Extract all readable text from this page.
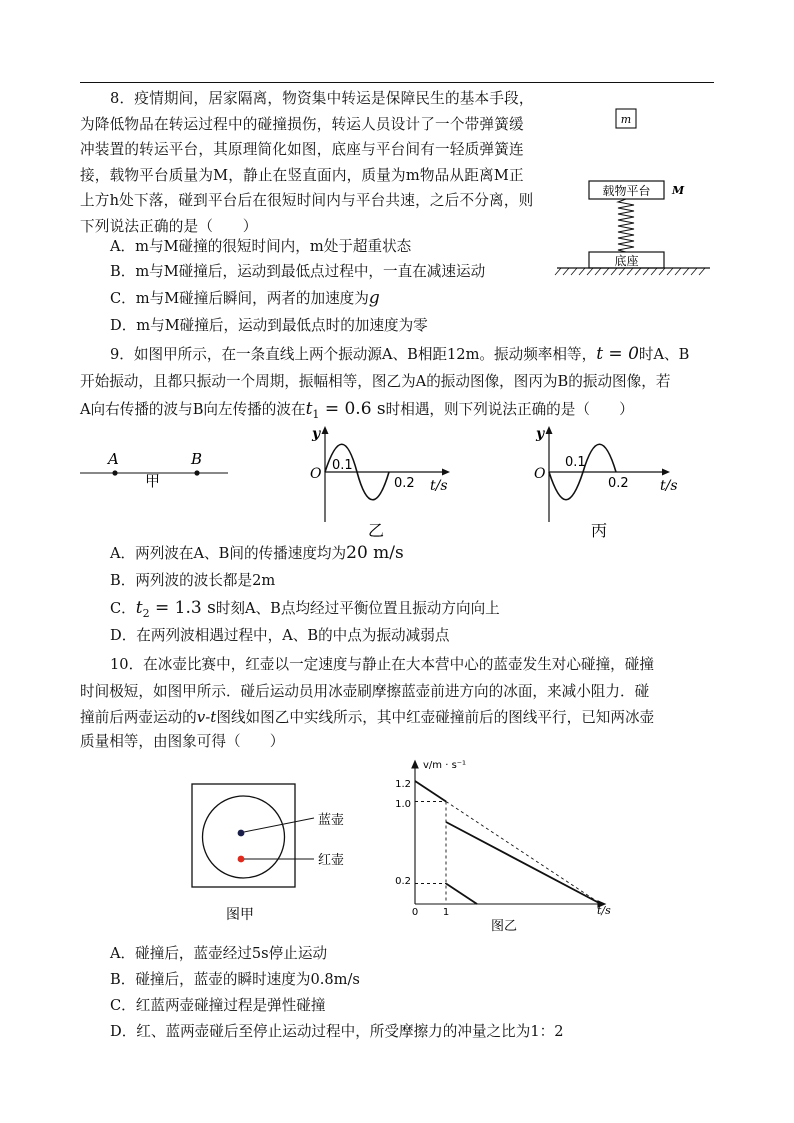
8．疫情期间，居家隔离，物资集中转运是保障民生的基本手段，为降低物品在转运过程中的碰撞损伤，转运人员设计了一个带弹簧缓冲装置的转运平台，其原理简化如图，底座与平台间有一轻质弹簧连接，载物平台质量为M，静止在竖直面内，质量为m物品从距离M正上方h处下落，碰到平台后在很短时间内与平台共速，之后不分离，则下列说法正确的是（　　）
A．m与M碰撞的很短时间内，m处于超重状态
B．m与M碰撞后，运动到最低点过程中，一直在减速运动
C．m与M碰撞后瞬间，两者的加速度为g
D．m与M碰撞后，运动到最低点时的加速度为零
m
载物平台 M
底座
9．如图甲所示，在一条直线上两个振动源A、B相距12m。振动频率相等，t = 0时A、B
开始振动，且都只振动一个周期，振幅相等，图乙为A的振动图像，图丙为B的振动图像，若
A向右传播的波与B向左传播的波在$t_1 = 0.6$ s时相遇，则下列说法正确的是（　　）
A	B
甲
y
O
0.1
0.2 t/s
乙
y
O
0.1
0.2 t/s
丙
A．两列波在A、B间的传播速度均为20 m/s
B．两列波的波长都是2m
C．$t_2 = 1.3$ s时刻A、B点均经过平衡位置且振动方向向上
D．在两列波相遇过程中，A、B的中点为振动减弱点
10．在冰壶比赛中，红壶以一定速度与静止在大本营中心的蓝壶发生对心碰撞，碰撞
时间极短，如图甲所示．碰后运动员用冰壶刷摩擦蓝壶前进方向的冰面，来减小阻力．碰
撞前后两壶运动的v-t图线如图乙中实线所示，其中红壶碰撞前后的图线平行，已知两冰壶
质量相等，由图象可得（　　）
蓝壶
红壶
图甲
v/m · s⁻¹
1.2
1.0
0.2
0 1	t/s
图乙
A．碰撞后，蓝壶经过5s停止运动
B．碰撞后，蓝壶的瞬时速度为0.8m/s
C．红蓝两壶碰撞过程是弹性碰撞
D．红、蓝两壶碰后至停止运动过程中，所受摩擦力的冲量之比为1：2
